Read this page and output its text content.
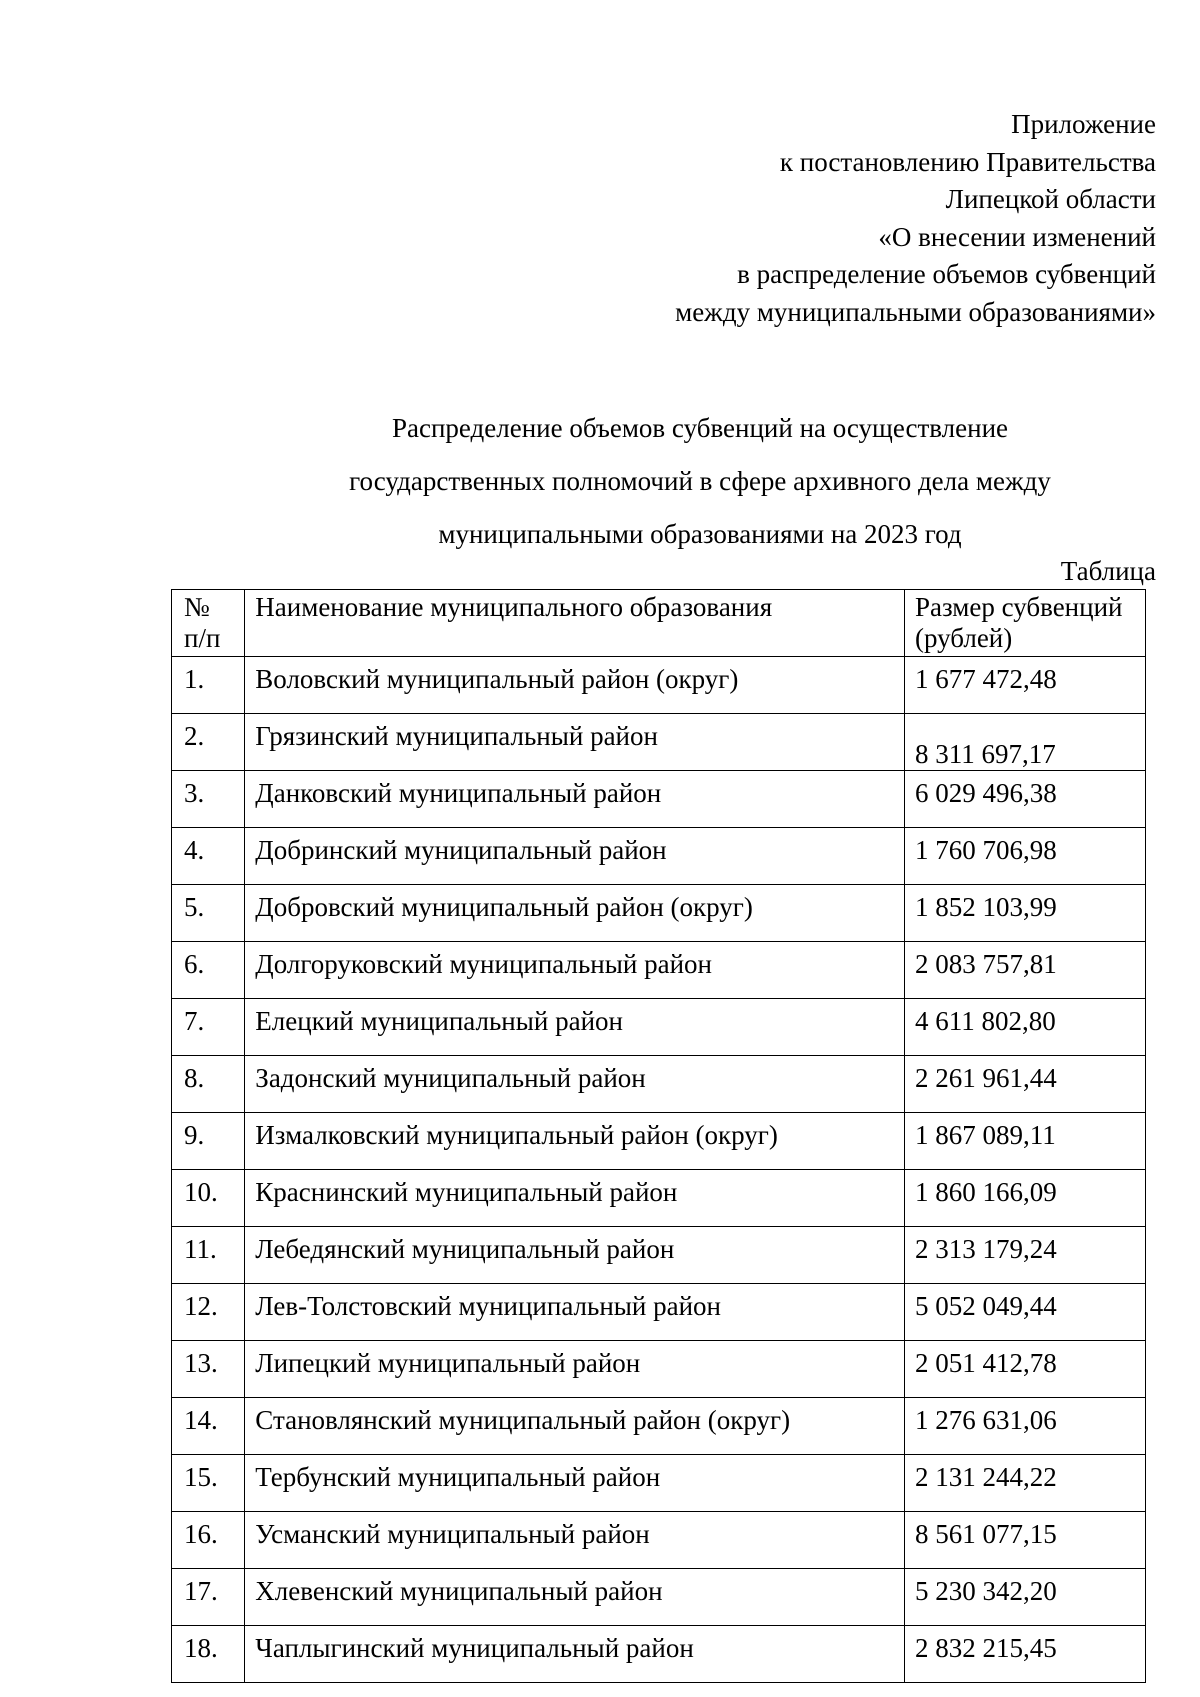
Приложение
к постановлению Правительства
Липецкой области
«О внесении изменений
в распределение объемов субвенций
между муниципальными образованиями»
Распределение объемов субвенций на осуществление
государственных полномочий в сфере архивного дела между
муниципальными образованиями на 2023 год
Таблица
№ п/п	Наименование муниципального образования	Размер субвенций (рублей)
1.	Воловский муниципальный район (округ)	1 677 472,48
2.	Грязинский муниципальный район	8 311 697,17
3.	Данковский муниципальный район	6 029 496,38
4.	Добринский муниципальный район	1 760 706,98
5.	Добровский муниципальный район (округ)	1 852 103,99
6.	Долгоруковский муниципальный район	2 083 757,81
7.	Елецкий муниципальный район	4 611 802,80
8.	Задонский муниципальный район	2 261 961,44
9.	Измалковский муниципальный район (округ)	1 867 089,11
10.	Краснинский муниципальный район	1 860 166,09
11.	Лебедянский муниципальный район	2 313 179,24
12.	Лев-Толстовский муниципальный район	5 052 049,44
13.	Липецкий муниципальный район	2 051 412,78
14.	Становлянский муниципальный район (округ)	1 276 631,06
15.	Тербунский муниципальный район	2 131 244,22
16.	Усманский муниципальный район	8 561 077,15
17.	Хлевенский муниципальный район	5 230 342,20
18.	Чаплыгинский муниципальный район	2 832 215,45
